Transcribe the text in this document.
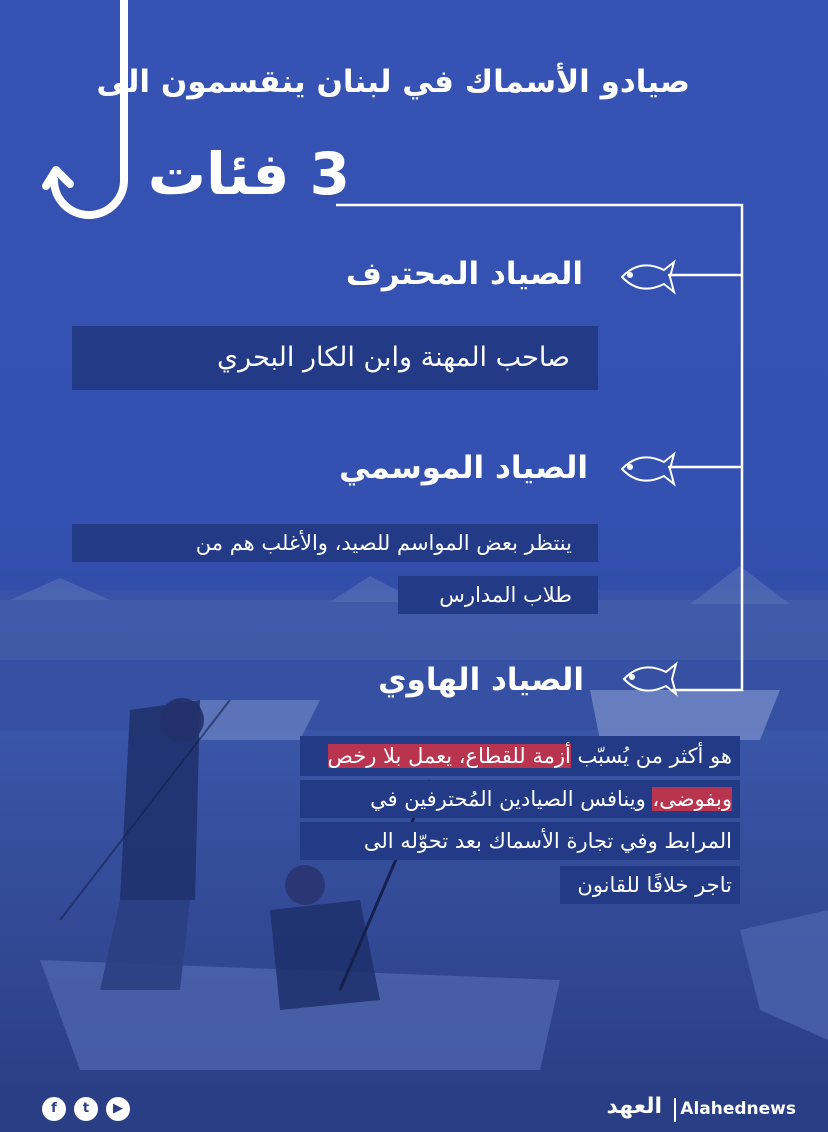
صيادو الأسماك في لبنان ينقسمون الى
3 فئات
الصياد المحترف
صاحب المهنة وابن الكار البحري
الصياد الموسمي
ينتظر بعض المواسم للصيد، والأغلب هم من
طلاب المدارس
الصياد الهاوي
هو أكثر من يُسبّب أزمة للقطاع، يعمل بلا رخص
وبفوضى، وينافس الصيادين المُحترفين في
المرابط وفي تجارة الأسماك بعد تحوّله الى
تاجر خلافًا للقانون
f	t	▶	العهد Alahednews
